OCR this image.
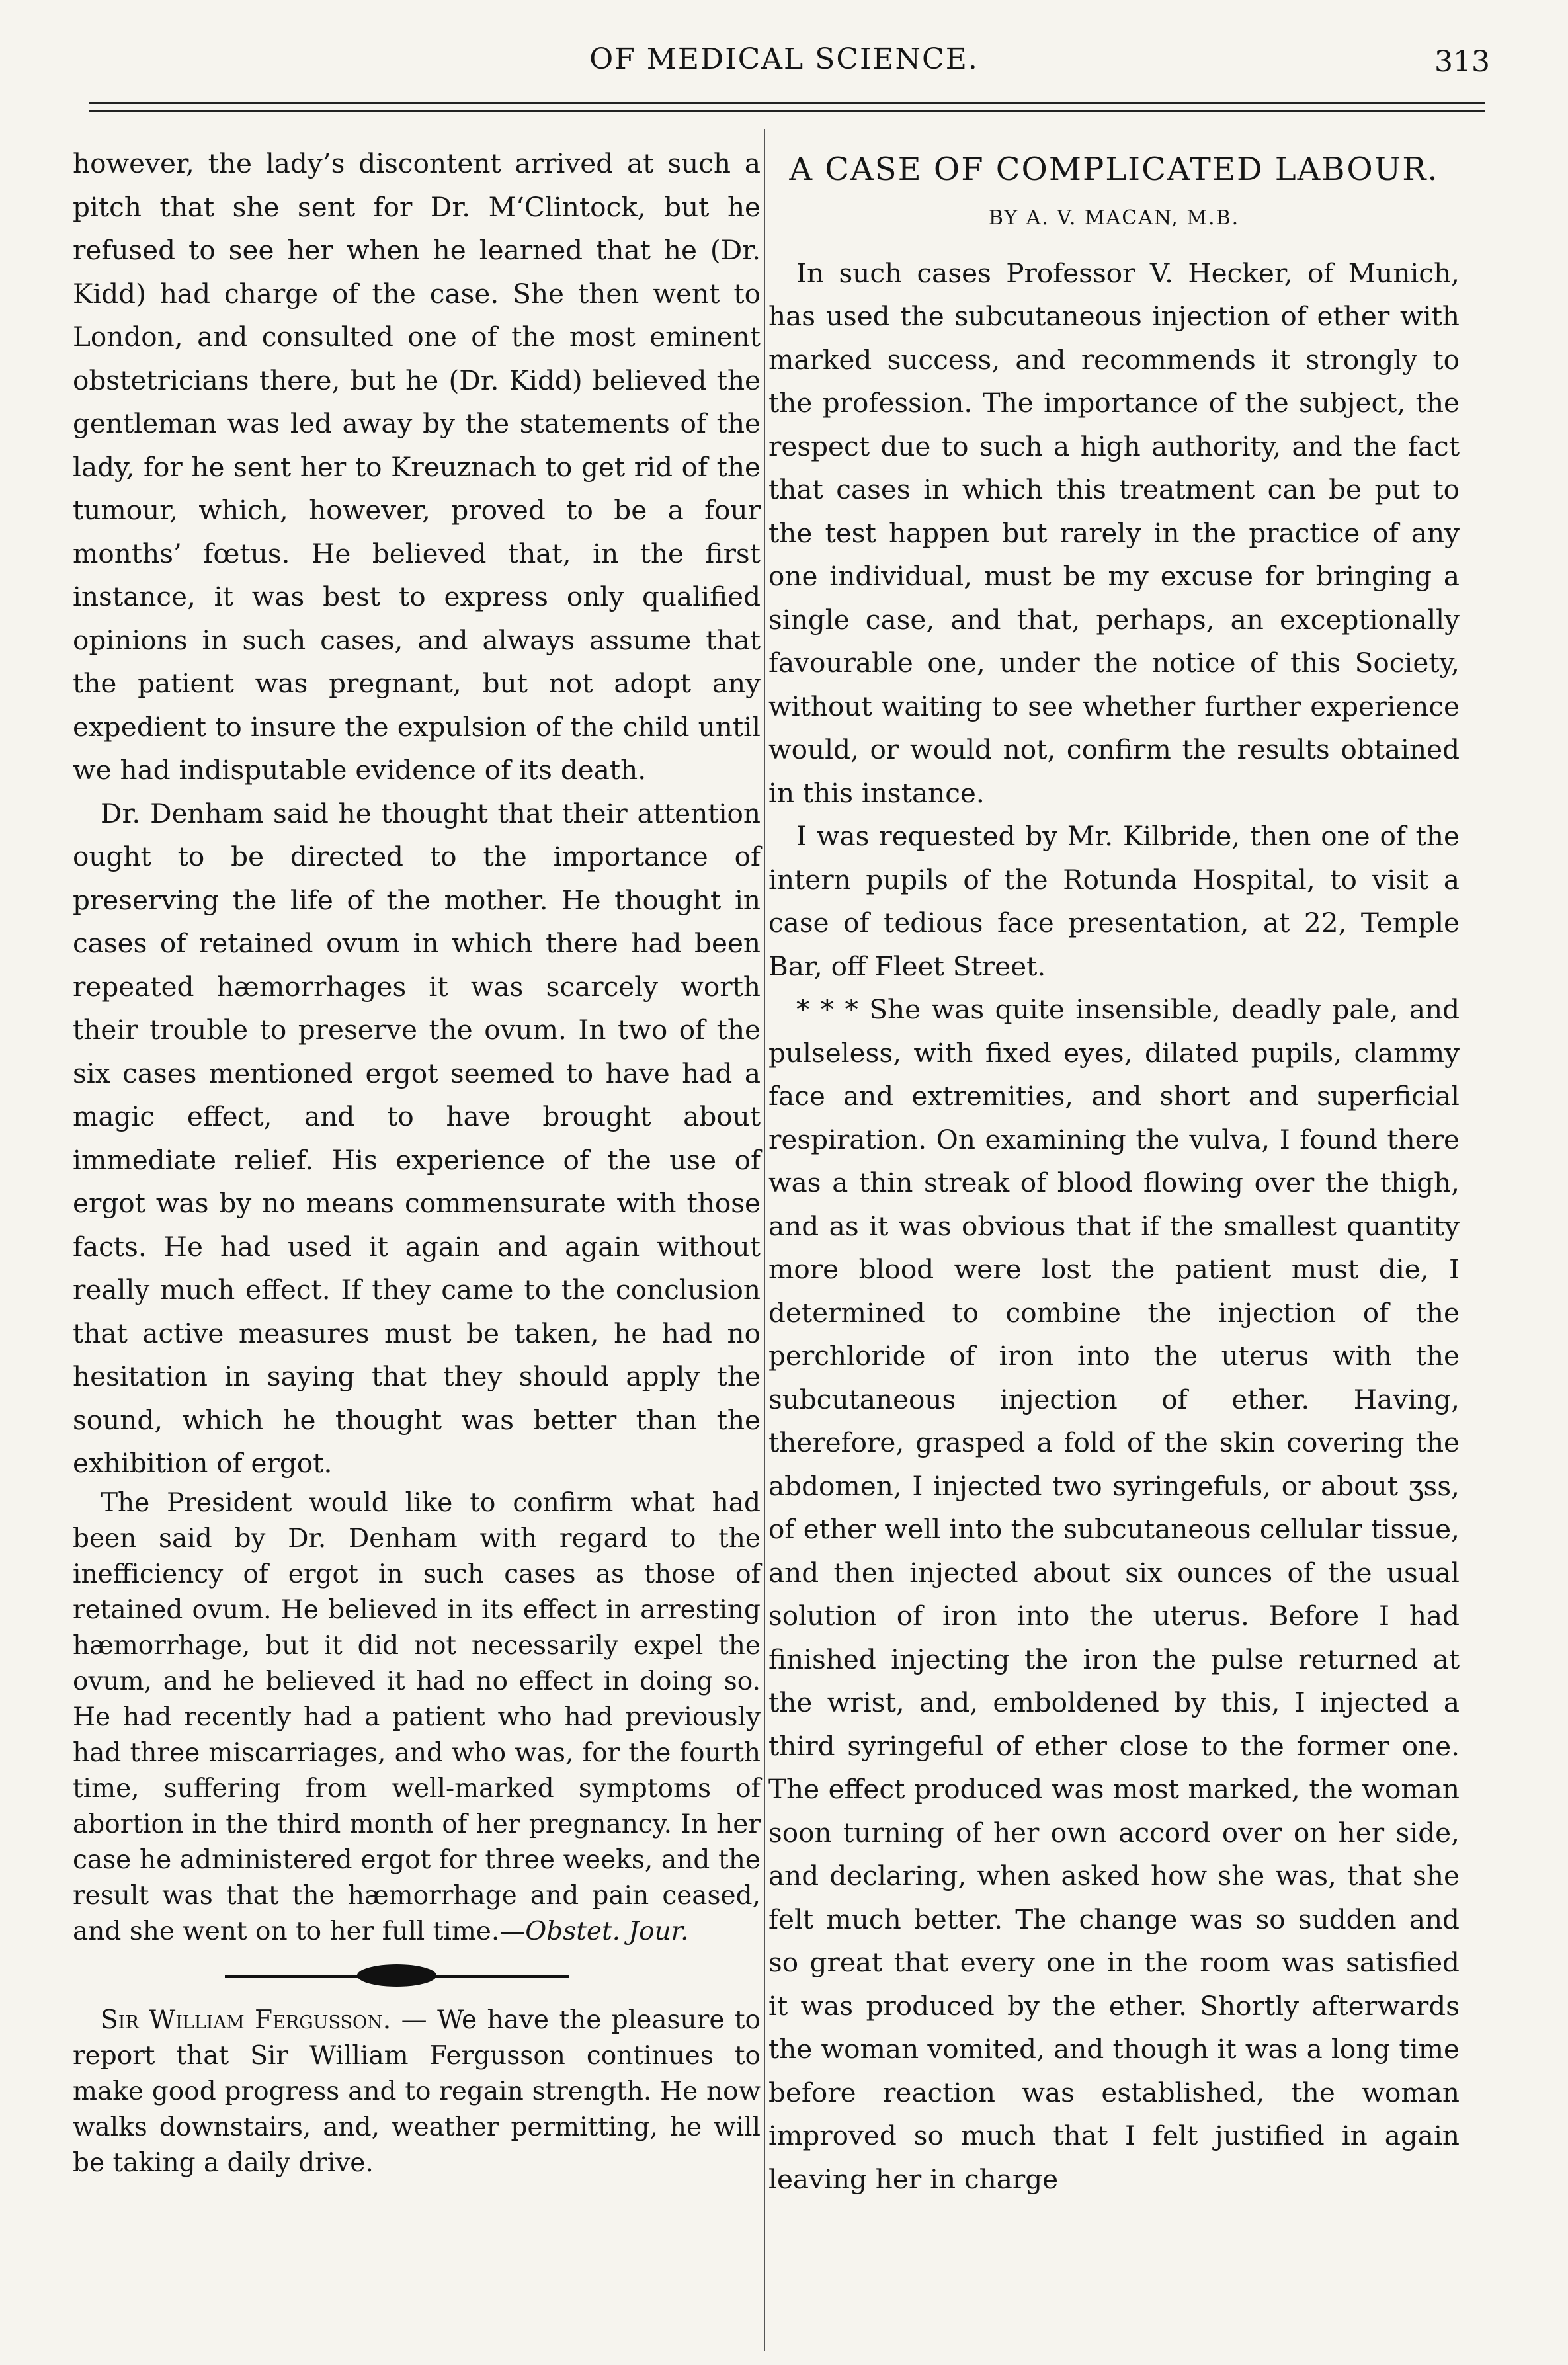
OF MEDICAL SCIENCE.	313

however, the lady’s discontent arrived at such a pitch that she sent for Dr. M‘Clintock, but he refused to see her when he learned that he (Dr. Kidd) had charge of the case. She then went to London, and consulted one of the most eminent obstetricians there, but he (Dr. Kidd) believed the gentleman was led away by the statements of the lady, for he sent her to Kreuznach to get rid of the tumour, which, however, proved to be a four months’ fœtus. He believed that, in the first instance, it was best to express only qualified opinions in such cases, and always assume that the patient was pregnant, but not adopt any expedient to insure the expulsion of the child until we had indisputable evidence of its death.

Dr. Denham said he thought that their attention ought to be directed to the importance of preserving the life of the mother. He thought in cases of retained ovum in which there had been repeated hæmorrhages it was scarcely worth their trouble to preserve the ovum. In two of the six cases mentioned ergot seemed to have had a magic effect, and to have brought about immediate relief. His experience of the use of ergot was by no means commensurate with those facts. He had used it again and again without really much effect. If they came to the conclusion that active measures must be taken, he had no hesitation in saying that they should apply the sound, which he thought was better than the exhibition of ergot.

The President would like to confirm what had been said by Dr. Denham with regard to the inefficiency of ergot in such cases as those of retained ovum. He believed in its effect in arresting hæmorrhage, but it did not necessarily expel the ovum, and he believed it had no effect in doing so. He had recently had a patient who had previously had three miscarriages, and who was, for the fourth time, suffering from well-marked symptoms of abortion in the third month of her pregnancy. In her case he administered ergot for three weeks, and the result was that the hæmorrhage and pain ceased, and she went on to her full time.—Obstet. Jour.

Sir William Fergusson. — We have the pleasure to report that Sir William Fergusson continues to make good progress and to regain strength. He now walks downstairs, and, weather permitting, he will be taking a daily drive.

A CASE OF COMPLICATED LABOUR.
BY A. V. MACAN, M.B.

In such cases Professor V. Hecker, of Munich, has used the subcutaneous injection of ether with marked success, and recommends it strongly to the profession. The importance of the subject, the respect due to such a high authority, and the fact that cases in which this treatment can be put to the test happen but rarely in the practice of any one individual, must be my excuse for bringing a single case, and that, perhaps, an exceptionally favourable one, under the notice of this Society, without waiting to see whether further experience would, or would not, confirm the results obtained in this instance.

I was requested by Mr. Kilbride, then one of the intern pupils of the Rotunda Hospital, to visit a case of tedious face presentation, at 22, Temple Bar, off Fleet Street.

* * * She was quite insensible, deadly pale, and pulseless, with fixed eyes, dilated pupils, clammy face and extremities, and short and superficial respiration. On examining the vulva, I found there was a thin streak of blood flowing over the thigh, and as it was obvious that if the smallest quantity more blood were lost the patient must die, I determined to combine the injection of the perchloride of iron into the uterus with the subcutaneous injection of ether. Having, therefore, grasped a fold of the skin covering the abdomen, I injected two syringefuls, or about ʒss, of ether well into the subcutaneous cellular tissue, and then injected about six ounces of the usual solution of iron into the uterus. Before I had finished injecting the iron the pulse returned at the wrist, and, emboldened by this, I injected a third syringeful of ether close to the former one. The effect produced was most marked, the woman soon turning of her own accord over on her side, and declaring, when asked how she was, that she felt much better. The change was so sudden and so great that every one in the room was satisfied it was produced by the ether. Shortly afterwards the woman vomited, and though it was a long time before reaction was established, the woman improved so much that I felt justified in again leaving her in charge
